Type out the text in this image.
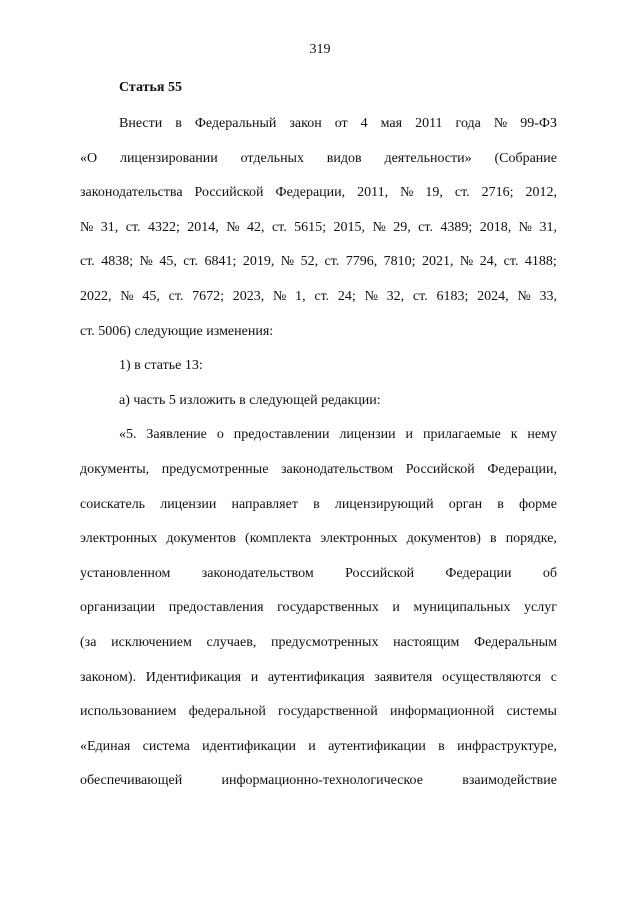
319

Статья 55

Внести в Федеральный закон от 4 мая 2011 года № 99-ФЗ

«О лицензировании отдельных видов деятельности» (Собрание

законодательства Российской Федерации, 2011, № 19, ст. 2716; 2012,

№ 31, ст. 4322; 2014, № 42, ст. 5615; 2015, № 29, ст. 4389; 2018, № 31,

ст. 4838; № 45, ст. 6841; 2019, № 52, ст. 7796, 7810; 2021, № 24, ст. 4188;

2022, № 45, ст. 7672; 2023, № 1, ст. 24; № 32, ст. 6183; 2024, № 33,

ст. 5006) следующие изменения:

1) в статье 13:

а) часть 5 изложить в следующей редакции:

«5. Заявление о предоставлении лицензии и прилагаемые к нему

документы, предусмотренные законодательством Российской Федерации,

соискатель лицензии направляет в лицензирующий орган в форме

электронных документов (комплекта электронных документов) в порядке,

установленном законодательством Российской Федерации об

организации предоставления государственных и муниципальных услуг

(за исключением случаев, предусмотренных настоящим Федеральным

законом). Идентификация и аутентификация заявителя осуществляются с

использованием федеральной государственной информационной системы

«Единая система идентификации и аутентификации в инфраструктуре,

обеспечивающей	информационно-технологическое	взаимодействие
